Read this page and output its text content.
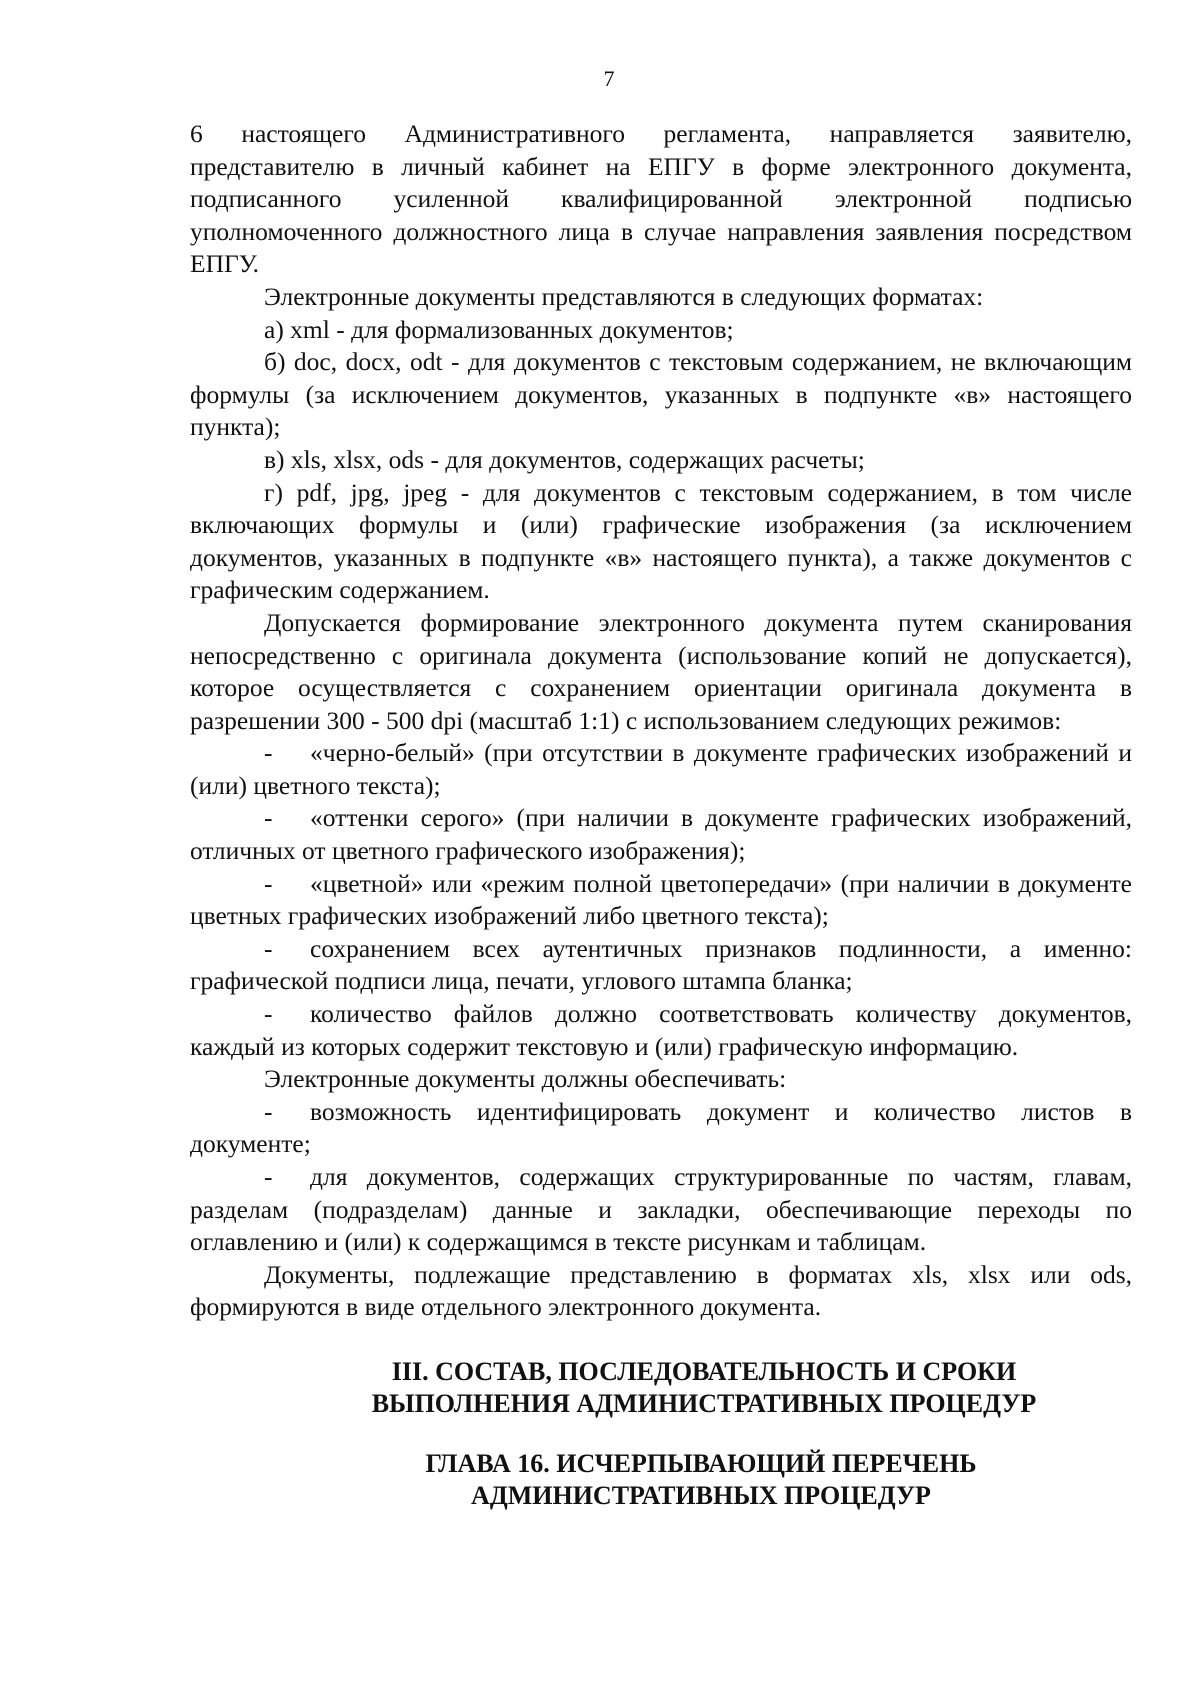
7

6 настоящего Административного регламента, направляется заявителю, представителю в личный кабинет на ЕПГУ в форме электронного документа, подписанного усиленной квалифицированной электронной подписью уполномоченного должностного лица в случае направления заявления посредством ЕПГУ.

Электронные документы представляются в следующих форматах:

а) xml - для формализованных документов;

б) doc, docx, odt - для документов с текстовым содержанием, не включающим формулы (за исключением документов, указанных в подпункте «в» настоящего пункта);

в) xls, xlsx, ods - для документов, содержащих расчеты;

г) pdf, jpg, jpeg - для документов с текстовым содержанием, в том числе включающих формулы и (или) графические изображения (за исключением документов, указанных в подпункте «в» настоящего пункта), а также документов с графическим содержанием.

Допускается формирование электронного документа путем сканирования непосредственно с оригинала документа (использование копий не допускается), которое осуществляется с сохранением ориентации оригинала документа в разрешении 300 - 500 dpi (масштаб 1:1) с использованием следующих режимов:

- «черно-белый» (при отсутствии в документе графических изображений и (или) цветного текста);

- «оттенки серого» (при наличии в документе графических изображений, отличных от цветного графического изображения);

- «цветной» или «режим полной цветопередачи» (при наличии в документе цветных графических изображений либо цветного текста);

- сохранением всех аутентичных признаков подлинности, а именно: графической подписи лица, печати, углового штампа бланка;

- количество файлов должно соответствовать количеству документов, каждый из которых содержит текстовую и (или) графическую информацию.

Электронные документы должны обеспечивать:

- возможность идентифицировать документ и количество листов в документе;

- для документов, содержащих структурированные по частям, главам, разделам (подразделам) данные и закладки, обеспечивающие переходы по оглавлению и (или) к содержащимся в тексте рисункам и таблицам.

Документы, подлежащие представлению в форматах xls, xlsx или ods, формируются в виде отдельного электронного документа.

III. СОСТАВ, ПОСЛЕДОВАТЕЛЬНОСТЬ И СРОКИ
ВЫПОЛНЕНИЯ АДМИНИСТРАТИВНЫХ ПРОЦЕДУР
ГЛАВА 16. ИСЧЕРПЫВАЮЩИЙ ПЕРЕЧЕНЬ
АДМИНИСТРАТИВНЫХ ПРОЦЕДУР
